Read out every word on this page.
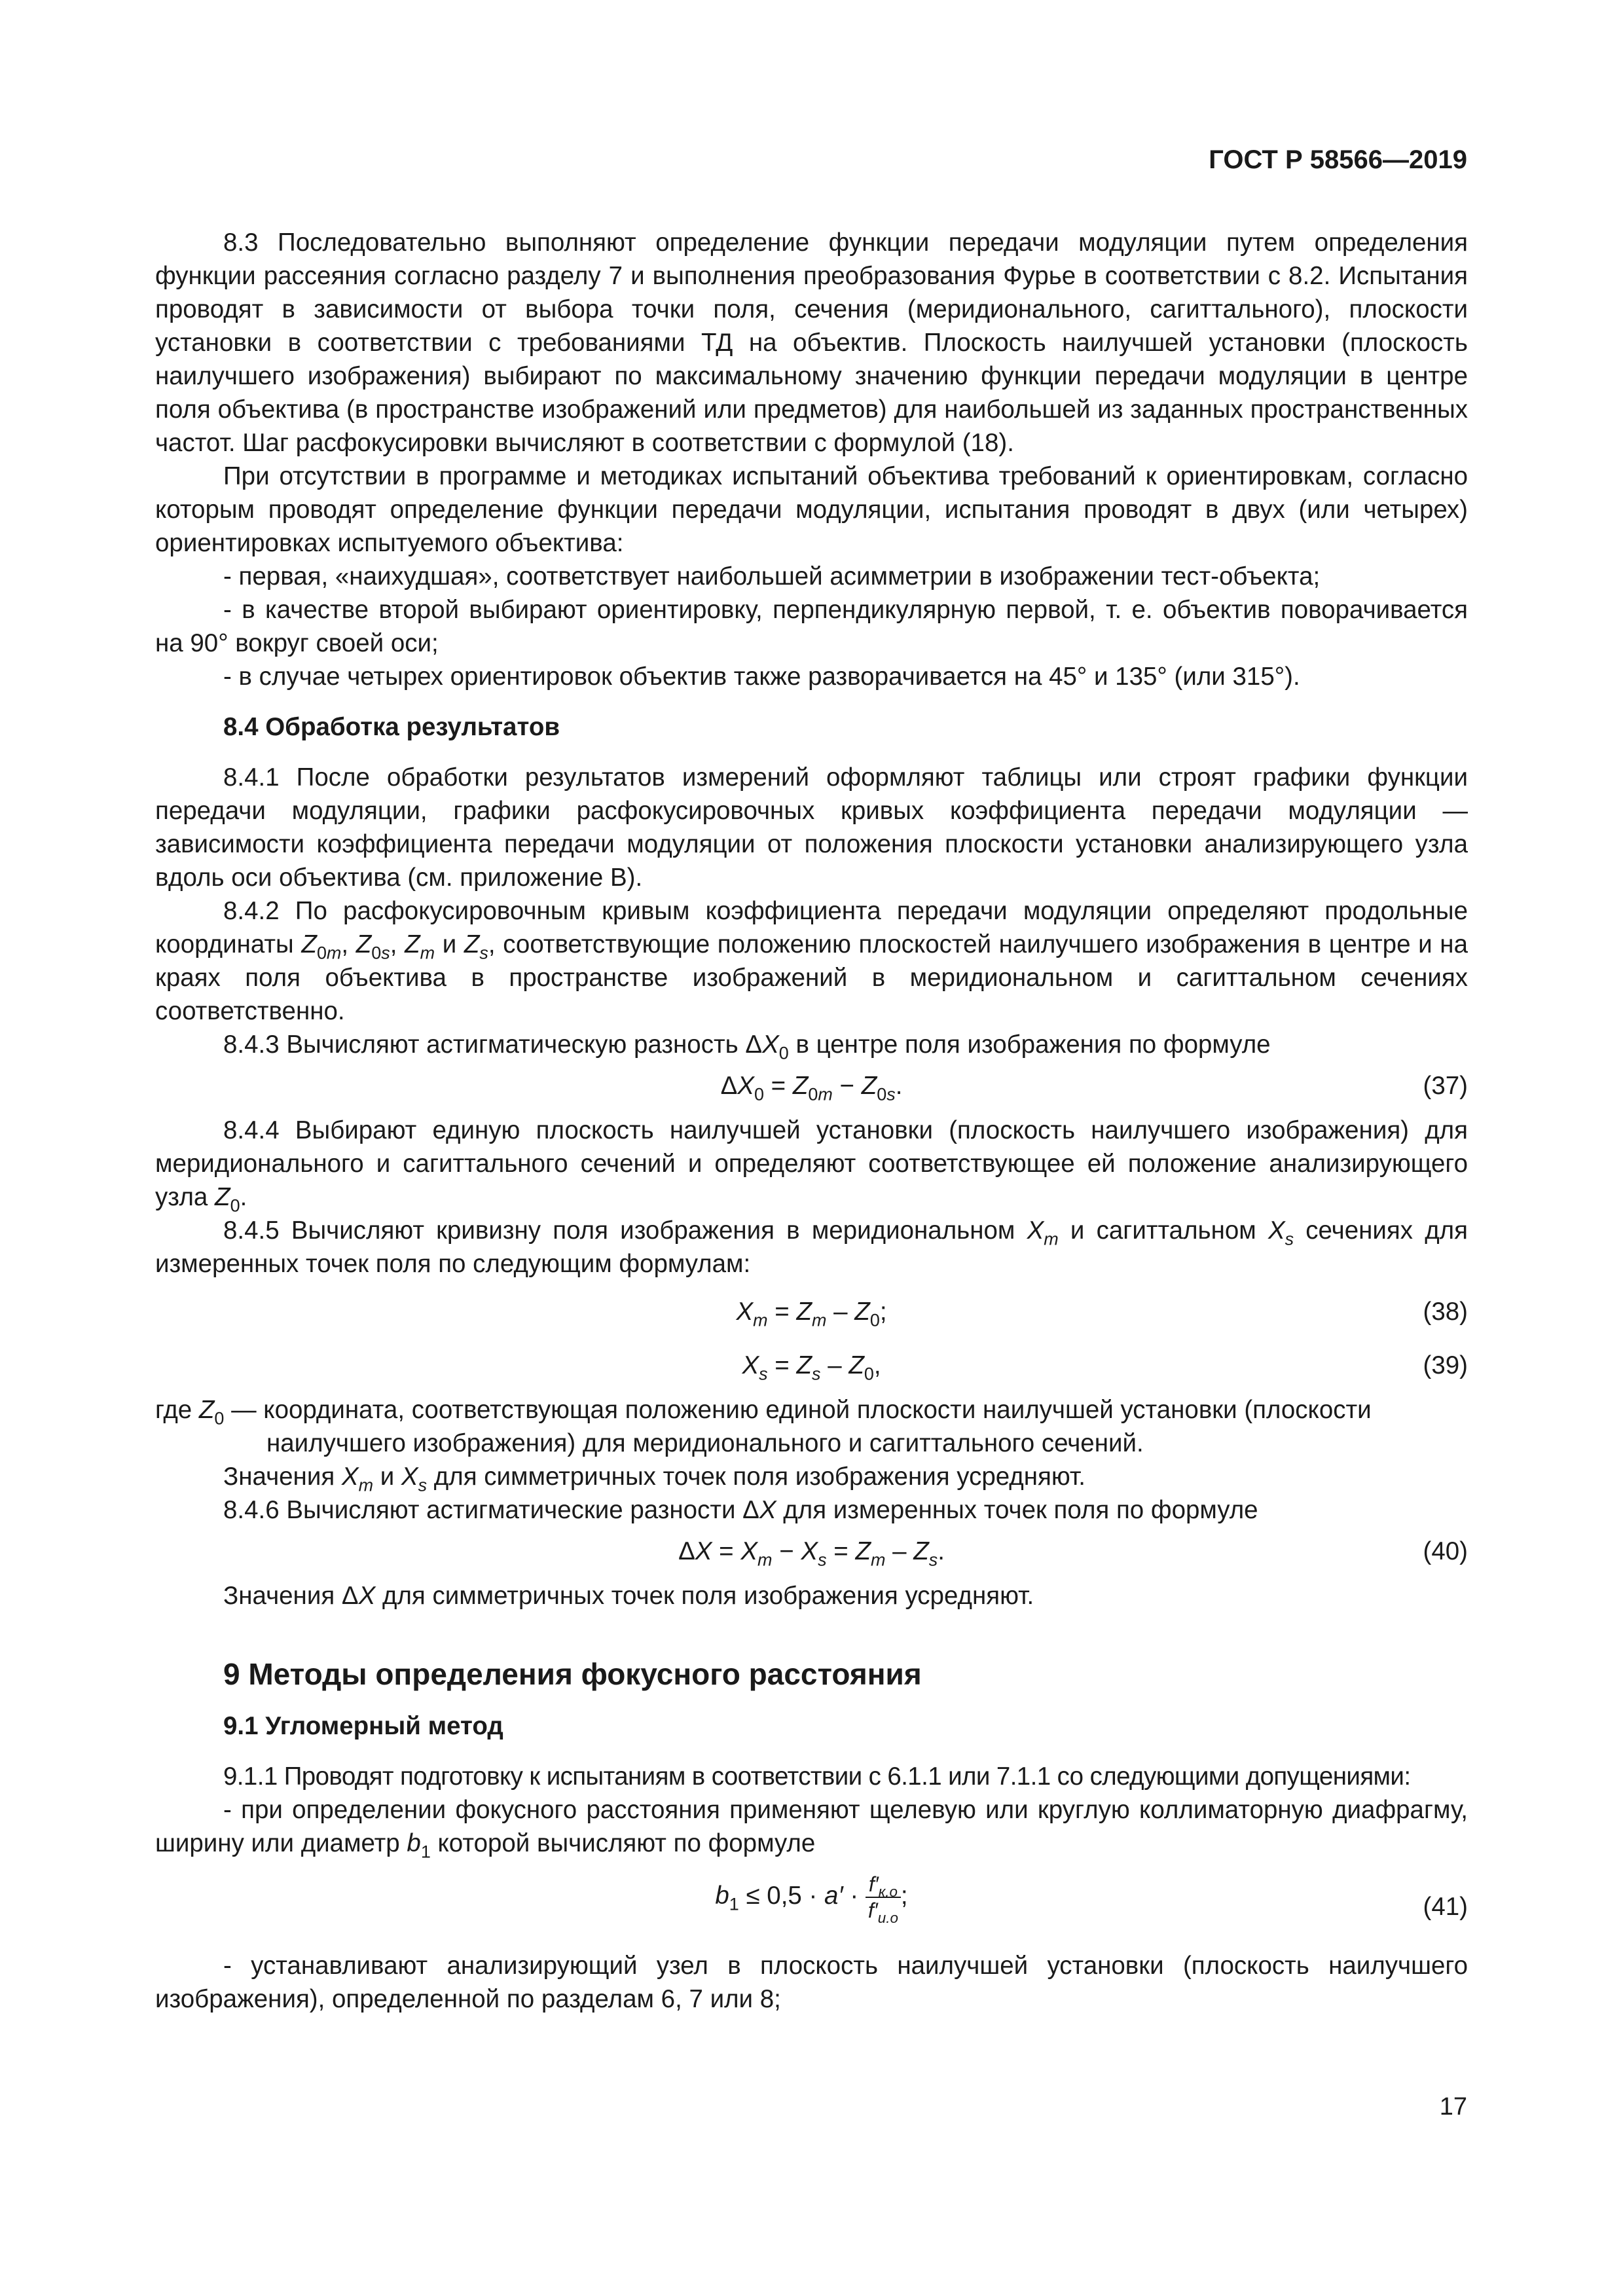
ГОСТ Р 58566—2019

8.3 Последовательно выполняют определение функции передачи модуляции путем определения функции рассеяния согласно разделу 7 и выполнения преобразования Фурье в соответствии с 8.2. Испытания проводят в зависимости от выбора точки поля, сечения (меридионального, сагиттального), плоскости установки в соответствии с требованиями ТД на объектив. Плоскость наилучшей установки (плоскость наилучшего изображения) выбирают по максимальному значению функции передачи модуляции в центре поля объектива (в пространстве изображений или предметов) для наибольшей из заданных пространственных частот. Шаг расфокусировки вычисляют в соответствии с формулой (18).

При отсутствии в программе и методиках испытаний объектива требований к ориентировкам, согласно которым проводят определение функции передачи модуляции, испытания проводят в двух (или четырех) ориентировках испытуемого объектива:

- первая, «наихудшая», соответствует наибольшей асимметрии в изображении тест-объекта;

- в качестве второй выбирают ориентировку, перпендикулярную первой, т. е. объектив поворачивается на 90° вокруг своей оси;

- в случае четырех ориентировок объектив также разворачивается на 45° и 135° (или 315°).

8.4 Обработка результатов

8.4.1 После обработки результатов измерений оформляют таблицы или строят графики функции передачи модуляции, графики расфокусировочных кривых коэффициента передачи модуляции — зависимости коэффициента передачи модуляции от положения плоскости установки анализирующего узла вдоль оси объектива (см. приложение В).

8.4.2 По расфокусировочным кривым коэффициента передачи модуляции определяют продольные координаты $Z_{0m}$, $Z_{0s}$, $Z_m$ и $Z_s$, соответствующие положению плоскостей наилучшего изображения в центре и на краях поля объектива в пространстве изображений в меридиональном и сагиттальном сечениях соответственно.

8.4.3 Вычисляют астигматическую разность $\Delta X_0$ в центре поля изображения по формуле

$\Delta X_0 = Z_{0m} - Z_{0s}$.	(37)

8.4.4 Выбирают единую плоскость наилучшей установки (плоскость наилучшего изображения) для меридионального и сагиттального сечений и определяют соответствующее ей положение анализирующего узла $Z_0$.

8.4.5 Вычисляют кривизну поля изображения в меридиональном $X_m$ и сагиттальном $X_s$ сечениях для измеренных точек поля по следующим формулам:

$X_m = Z_m - Z_0$;	(38)
$X_s = Z_s - Z_0$,	(39)

где $Z_0$ — координата, соответствующая положению единой плоскости наилучшей установки (плоскости наилучшего изображения) для меридионального и сагиттального сечений.

Значения $X_m$ и $X_s$ для симметричных точек поля изображения усредняют.

8.4.6 Вычисляют астигматические разности ΔX для измеренных точек поля по формуле

$\Delta X = X_m - X_s = Z_m - Z_s$.	(40)

Значения ΔX для симметричных точек поля изображения усредняют.

9 Методы определения фокусного расстояния
9.1 Угломерный метод

9.1.1 Проводят подготовку к испытаниям в соответствии с 6.1.1 или 7.1.1 со следующими допущениями:

- при определении фокусного расстояния применяют щелевую или круглую коллиматорную диафрагму, ширину или диаметр $b_1$ которой вычисляют по формуле

$b_1 \le 0,5 \cdot a' \cdot \frac{f'_{к.о}}{f'_{и.о}}$ ;	(41)

- устанавливают анализирующий узел в плоскость наилучшей установки (плоскость наилучшего изображения), определенной по разделам 6, 7 или 8;

17
